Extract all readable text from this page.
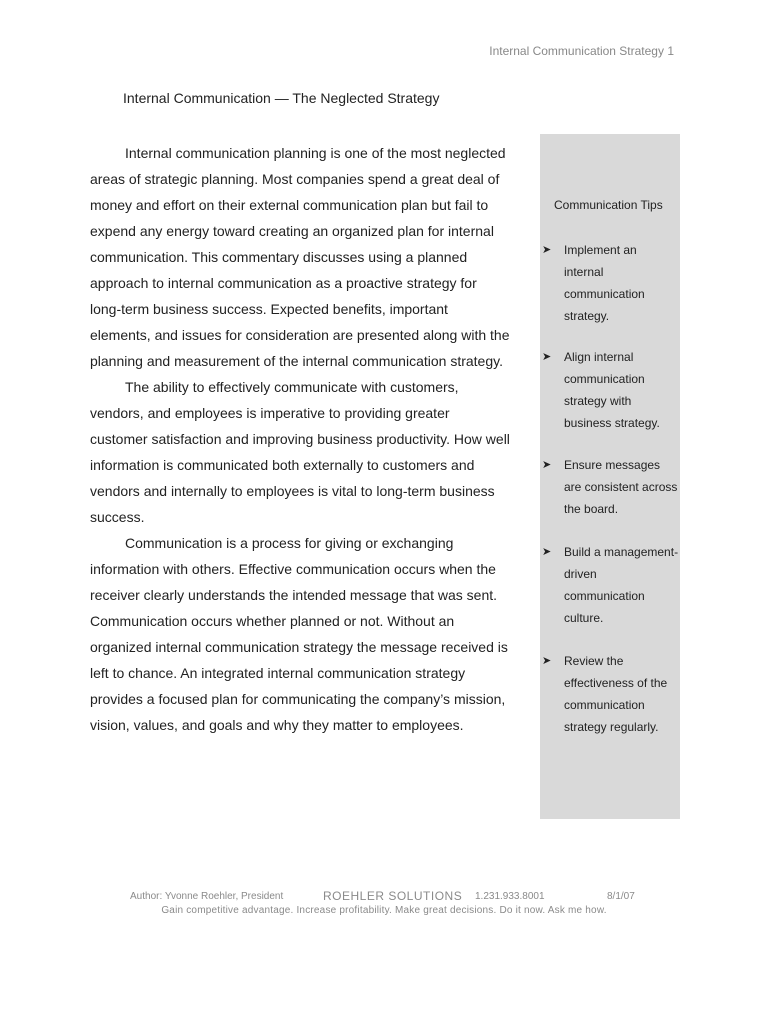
Internal Communication Strategy 1
Internal Communication — The Neglected Strategy

Internal communication planning is one of the most neglected areas of strategic planning. Most companies spend a great deal of money and effort on their external communication plan but fail to expend any energy toward creating an organized plan for internal communication. This commentary discusses using a planned approach to internal communication as a proactive strategy for long-term business success. Expected benefits, important elements, and issues for consideration are presented along with the planning and measurement of the internal communication strategy.

The ability to effectively communicate with customers, vendors, and employees is imperative to providing greater customer satisfaction and improving business productivity. How well information is communicated both externally to customers and vendors and internally to employees is vital to long-term business success.

Communication is a process for giving or exchanging information with others. Effective communication occurs when the receiver clearly understands the intended message that was sent. Communication occurs whether planned or not. Without an organized internal communication strategy the message received is left to chance. An integrated internal communication strategy provides a focused plan for communicating the company’s mission, vision, values, and goals and why they matter to employees.

Communication Tips
➤ Implement an internal communication strategy.
➤ Align internal communication strategy with business strategy.
➤ Ensure messages are consistent across the board.
➤ Build a management-driven communication culture.
➤ Review the effectiveness of the communication strategy regularly.
Author: Yvonne Roehler, President	ROEHLER SOLUTIONS 1.231.933.8001	8/1/07
Gain competitive advantage. Increase profitability. Make great decisions. Do it now. Ask me how.
